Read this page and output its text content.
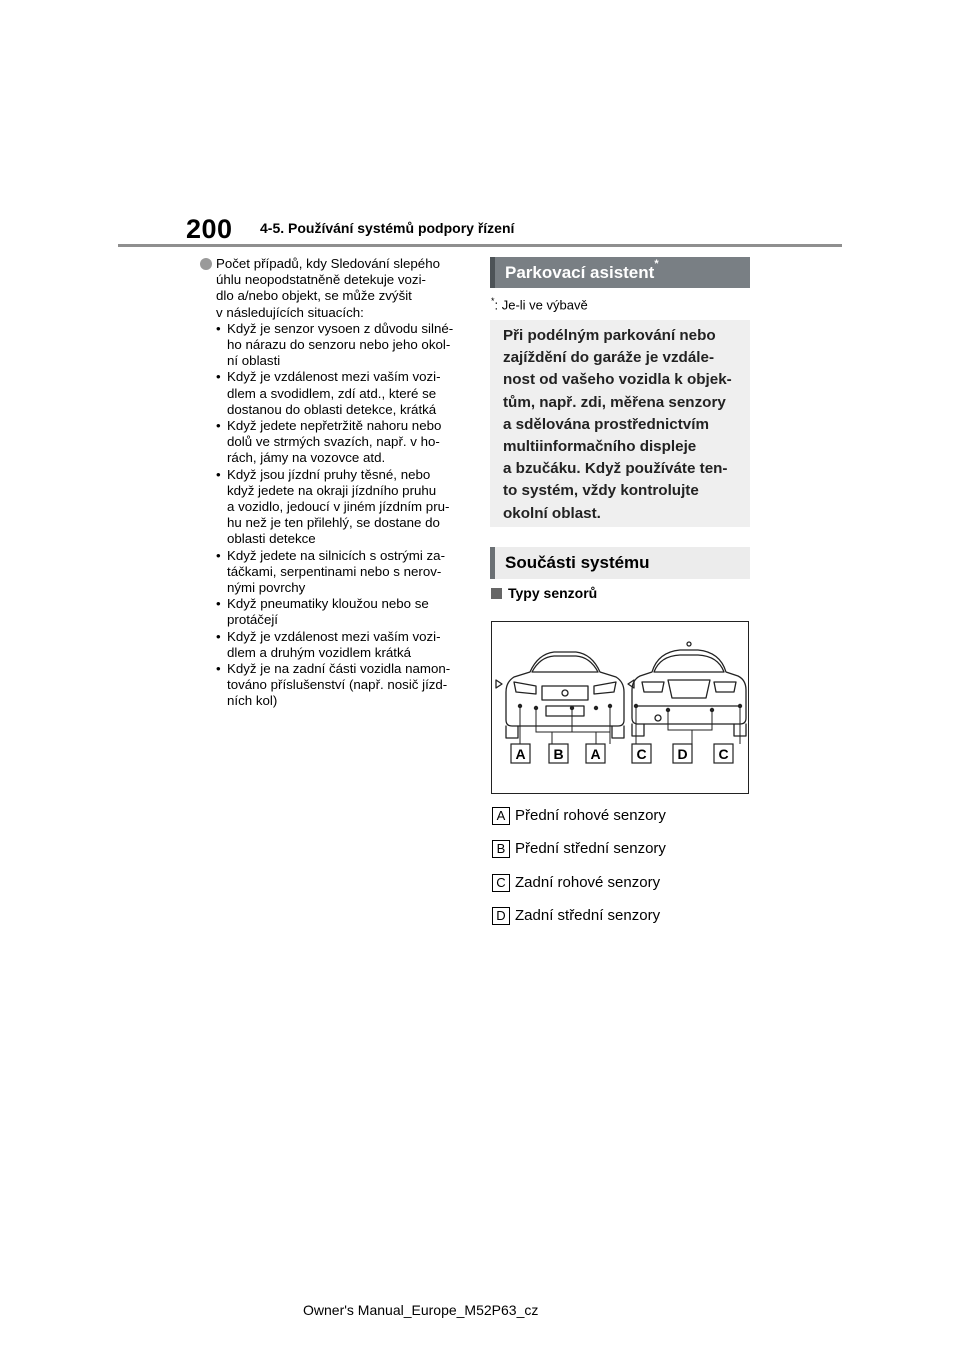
200 4-5. Používání systémů podpory řízení
Počet případů, kdy Sledování slepého
úhlu neopodstatněně detekuje vozi-
dlo a/nebo objekt, se může zvýšit
v následujících situacích:
• Když je senzor vysoen z důvodu silné-
ho nárazu do senzoru nebo jeho okol-
ní oblasti
• Když je vzdálenost mezi vaším vozi-
dlem a svodidlem, zdí atd., které se
dostanou do oblasti detekce, krátká
• Když jedete nepřetržitě nahoru nebo
dolů ve strmých svazích, např. v ho-
rách, jámy na vozovce atd.
• Když jsou jízdní pruhy těsné, nebo
když jedete na okraji jízdního pruhu
a vozidlo, jedoucí v jiném jízdním pru-
hu než je ten přilehlý, se dostane do
oblasti detekce
• Když jedete na silnicích s ostrými za-
táčkami, serpentinami nebo s nerov-
nými povrchy
• Když pneumatiky kloužou nebo se
protáčejí
• Když je vzdálenost mezi vaším vozi-
dlem a druhým vozidlem krátká
• Když je na zadní části vozidla namon-
továno příslušenství (např. nosič jízd-
ních kol)
Parkovací asistent*
*: Je-li ve výbavě
Při podélným parkování nebo
zajíždění do garáže je vzdále-
nost od vašeho vozidla k objek-
tům, např. zdi, měřena senzory
a sdělována prostřednictvím
multiinformačního displeje
a bzučáku. Když používáte ten-
to systém, vždy kontrolujte
okolní oblast.
Součásti systému
Typy senzorů
A B A	C D C
A Přední rohové senzory
B Přední střední senzory
C Zadní rohové senzory
D Zadní střední senzory
Owner's Manual_Europe_M52P63_cz
